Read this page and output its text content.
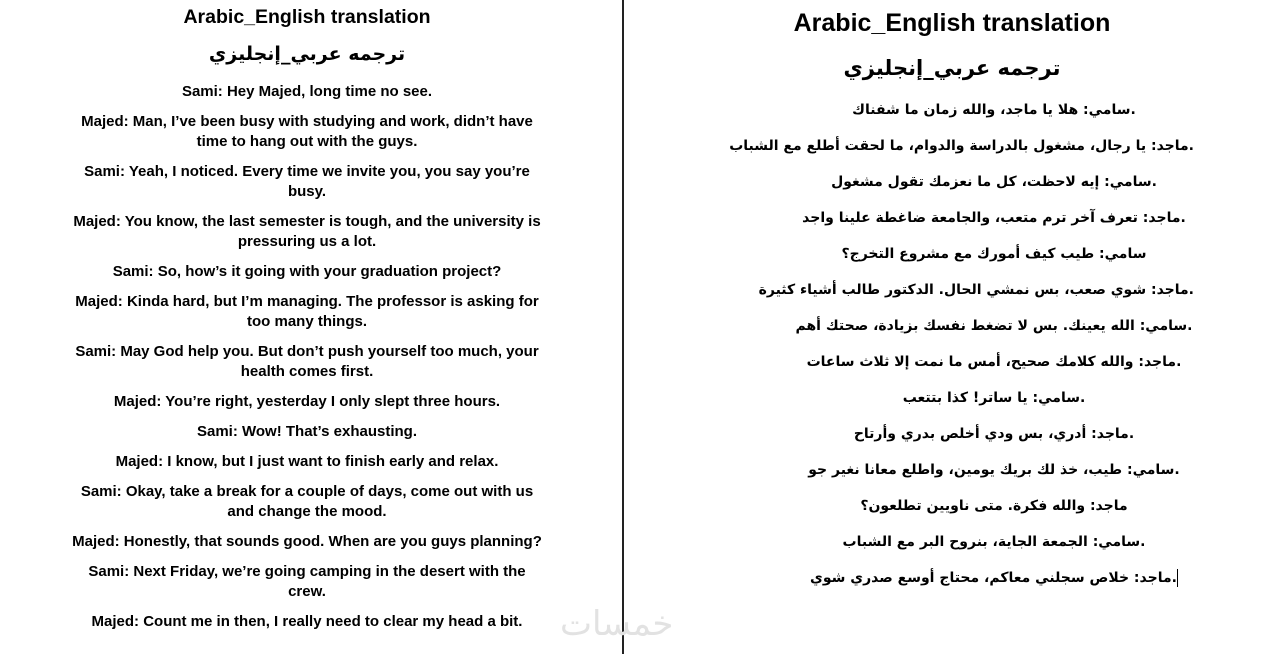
Arabic_English translation
ترجمه عربي_إنجليزي

Sami: Hey Majed, long time no see.

Majed: Man, I’ve been busy with studying and work, didn’t have time to hang out with the guys.

Sami: Yeah, I noticed. Every time we invite you, you say you’re busy.

Majed: You know, the last semester is tough, and the university is pressuring us a lot.

Sami: So, how’s it going with your graduation project?

Majed: Kinda hard, but I’m managing. The professor is asking for too many things.

Sami: May God help you. But don’t push yourself too much, your health comes first.

Majed: You’re right, yesterday I only slept three hours.

Sami: Wow! That’s exhausting.

Majed: I know, but I just want to finish early and relax.

Sami: Okay, take a break for a couple of days, come out with us and change the mood.

Majed: Honestly, that sounds good. When are you guys planning?

Sami: Next Friday, we’re going camping in the desert with the crew.

Majed: Count me in then, I really need to clear my head a bit.

Arabic_English translation
ترجمه عربي_إنجليزي

.سامي: هلا يا ماجد، والله زمان ما شفناك

.ماجد: يا رجال، مشغول بالدراسة والدوام، ما لحقت أطلع مع الشباب

.سامي: إيه لاحظت، كل ما نعزمك تقول مشغول

.ماجد: تعرف آخر ترم متعب، والجامعة ضاغطة علينا واجد

سامي: طيب كيف أمورك مع مشروع التخرج؟

.ماجد: شوي صعب، بس نمشي الحال. الدكتور طالب أشياء كثيرة

.سامي: الله يعينك. بس لا تضغط نفسك بزيادة، صحتك أهم

.ماجد: والله كلامك صحيح، أمس ما نمت إلا ثلاث ساعات

.سامي: يا ساتر! كذا بتتعب

.ماجد: أدري، بس ودي أخلص بدري وأرتاح

.سامي: طيب، خذ لك بريك يومين، واطلع معانا نغير جو

ماجد: والله فكرة. متى ناويين تطلعون؟

.سامي: الجمعة الجاية، بنروح البر مع الشباب

.ماجد: خلاص سجلني معاكم، محتاج أوسع صدري شوي

خمسات
